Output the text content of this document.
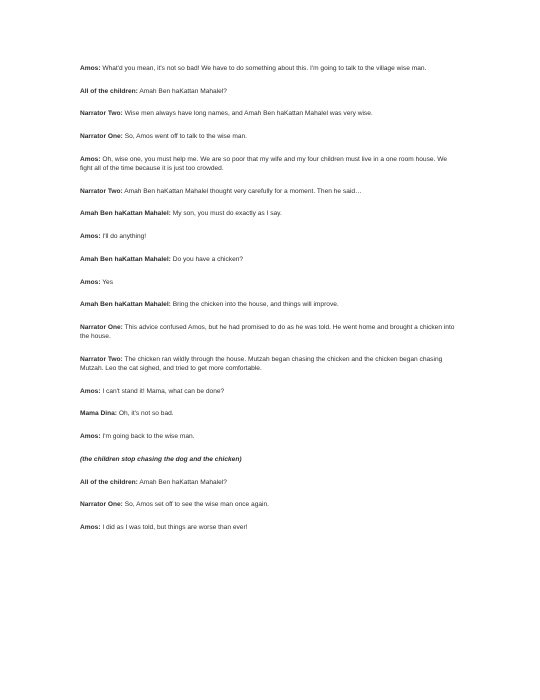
Amos: What'd you mean, it's not so bad! We have to do something about this. I'm going to talk to the village wise man.

All of the children: Amah Ben haKattan Mahalel?

Narrator Two: Wise men always have long names, and Amah Ben haKattan Mahalel was very wise.

Narrator One: So, Amos went off to talk to the wise man.

Amos: Oh, wise one, you must help me. We are so poor that my wife and my four children must live in a one room house. We fight all of the time because it is just too crowded.

Narrator Two: Amah Ben haKattan Mahalel thought very carefully for a moment. Then he said…

Amah Ben haKattan Mahalel: My son, you must do exactly as I say.

Amos: I'll do anything!

Amah Ben haKattan Mahalel: Do you have a chicken?

Amos: Yes

Amah Ben haKattan Mahalel: Bring the chicken into the house, and things will improve.

Narrator One: This advice confused Amos, but he had promised to do as he was told. He went home and brought a chicken into the house.

Narrator Two: The chicken ran wildly through the house. Mutzah began chasing the chicken and the chicken began chasing Mutzah. Leo the cat sighed, and tried to get more comfortable.

Amos: I can't stand it! Mama, what can be done?

Mama Dina: Oh, it's not so bad.

Amos: I'm going back to the wise man.

(the children stop chasing the dog and the chicken)

All of the children: Amah Ben haKattan Mahalel?

Narrator One: So, Amos set off to see the wise man once again.

Amos: I did as I was told, but things are worse than ever!
